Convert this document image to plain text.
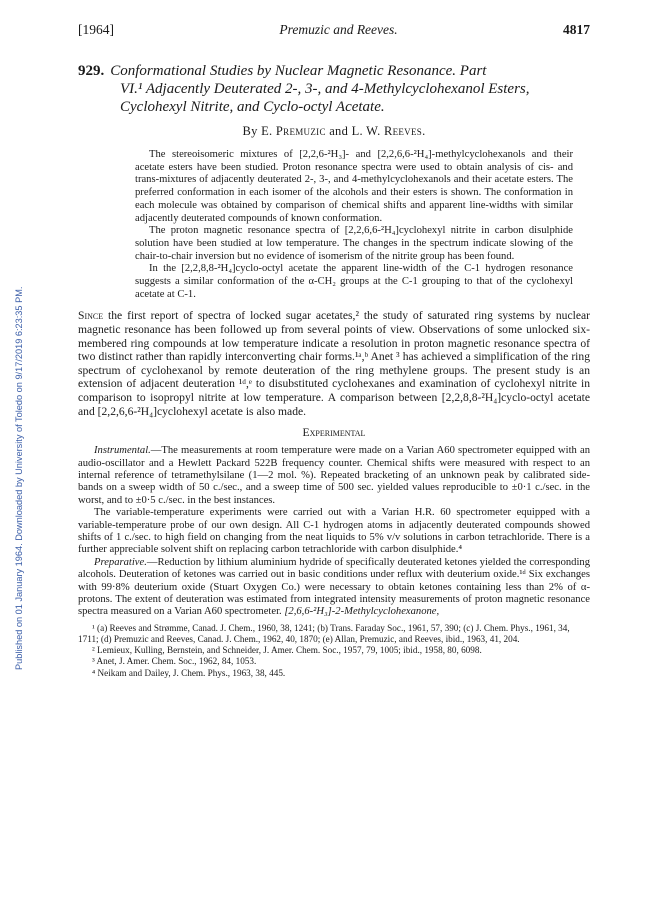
Published on 01 January 1964. Downloaded by University of Toledo on 9/17/2019 6:23:35 PM.
[1964]	Premuzic and Reeves.	4817
929. Conformational Studies by Nuclear Magnetic Resonance. Part
VI.¹ Adjacently Deuterated 2-, 3-, and 4-Methylcyclohexanol Esters,
Cyclohexyl Nitrite, and Cyclo-octyl Acetate.
By E. Premuzic and L. W. Reeves.

The stereoisomeric mixtures of [2,2,6-²H₃]- and [2,2,6,6-²H₄]-methylcyclohexanols and their acetate esters have been studied. Proton resonance spectra were used to obtain analysis of cis- and trans-mixtures of adjacently deuterated 2-, 3-, and 4-methylcyclohexanols and their acetate esters. The preferred conformation in each isomer of the alcohols and their esters is shown. The conformation in each molecule was obtained by comparison of chemical shifts and apparent line-widths with similar adjacently deuterated compounds of known conformation.

The proton magnetic resonance spectra of [2,2,6,6-²H₄]cyclohexyl nitrite in carbon disulphide solution have been studied at low temperature. The changes in the spectrum indicate slowing of the chair-to-chair inversion but no evidence of isomerism of the nitrite group has been found.

In the [2,2,8,8-²H₄]cyclo-octyl acetate the apparent line-width of the C-1 hydrogen resonance suggests a similar conformation of the α-CH₂ groups at the C-1 grouping to that of the cyclohexyl acetate at C-1.

Since the first report of spectra of locked sugar acetates,² the study of saturated ring systems by nuclear magnetic resonance has been followed up from several points of view. Observations of some unlocked six-membered ring compounds at low temperature indicate a resolution in proton magnetic resonance spectra of two distinct rather than rapidly interconverting chair forms.¹ᵃ,ᵇ Anet ³ has achieved a simplification of the ring spectrum of cyclohexanol by remote deuteration of the ring methylene groups. The present study is an extension of adjacent deuteration ¹ᵈ,ᵉ to disubstituted cyclohexanes and examination of cyclohexyl nitrite in comparison to isopropyl nitrite at low temperature. A comparison between [2,2,8,8-²H₄]cyclo-octyl acetate and [2,2,6,6-²H₄]cyclohexyl acetate is also made.

Experimental

Instrumental.—The measurements at room temperature were made on a Varian A60 spectrometer equipped with an audio-oscillator and a Hewlett Packard 522B frequency counter. Chemical shifts were measured with respect to an internal reference of tetramethylsilane (1—2 mol. %). Repeated bracketing of an unknown peak by calibrated side-bands on a sweep width of 50 c./sec., and a sweep time of 500 sec. yielded values reproducible to ±0·1 c./sec. in the worst, and to ±0·5 c./sec. in the best instances.

The variable-temperature experiments were carried out with a Varian H.R. 60 spectrometer equipped with a variable-temperature probe of our own design. All C-1 hydrogen atoms in adjacently deuterated compounds showed shifts of 1 c./sec. to high field on changing from the neat liquids to 5% v/v solutions in carbon tetrachloride. There is a further appreciable solvent shift on replacing carbon tetrachloride with carbon disulphide.⁴

Preparative.—Reduction by lithium aluminium hydride of specifically deuterated ketones yielded the corresponding alcohols. Deuteration of ketones was carried out in basic conditions under reflux with deuterium oxide.¹ᵈ Six exchanges with 99·8% deuterium oxide (Stuart Oxygen Co.) were necessary to obtain ketones containing less than 2% of α-protons. The extent of deuteration was estimated from integrated intensity measurements of proton magnetic resonance spectra measured on a Varian A60 spectrometer. [2,6,6-²H₃]-2-Methylcyclohexanone,

¹ (a) Reeves and Strømme, Canad. J. Chem., 1960, 38, 1241; (b) Trans. Faraday Soc., 1961, 57, 390; (c) J. Chem. Phys., 1961, 34, 1711; (d) Premuzic and Reeves, Canad. J. Chem., 1962, 40, 1870; (e) Allan, Premuzic, and Reeves, ibid., 1963, 41, 204.

² Lemieux, Kulling, Bernstein, and Schneider, J. Amer. Chem. Soc., 1957, 79, 1005; ibid., 1958, 80, 6098.

³ Anet, J. Amer. Chem. Soc., 1962, 84, 1053.

⁴ Neikam and Dailey, J. Chem. Phys., 1963, 38, 445.
